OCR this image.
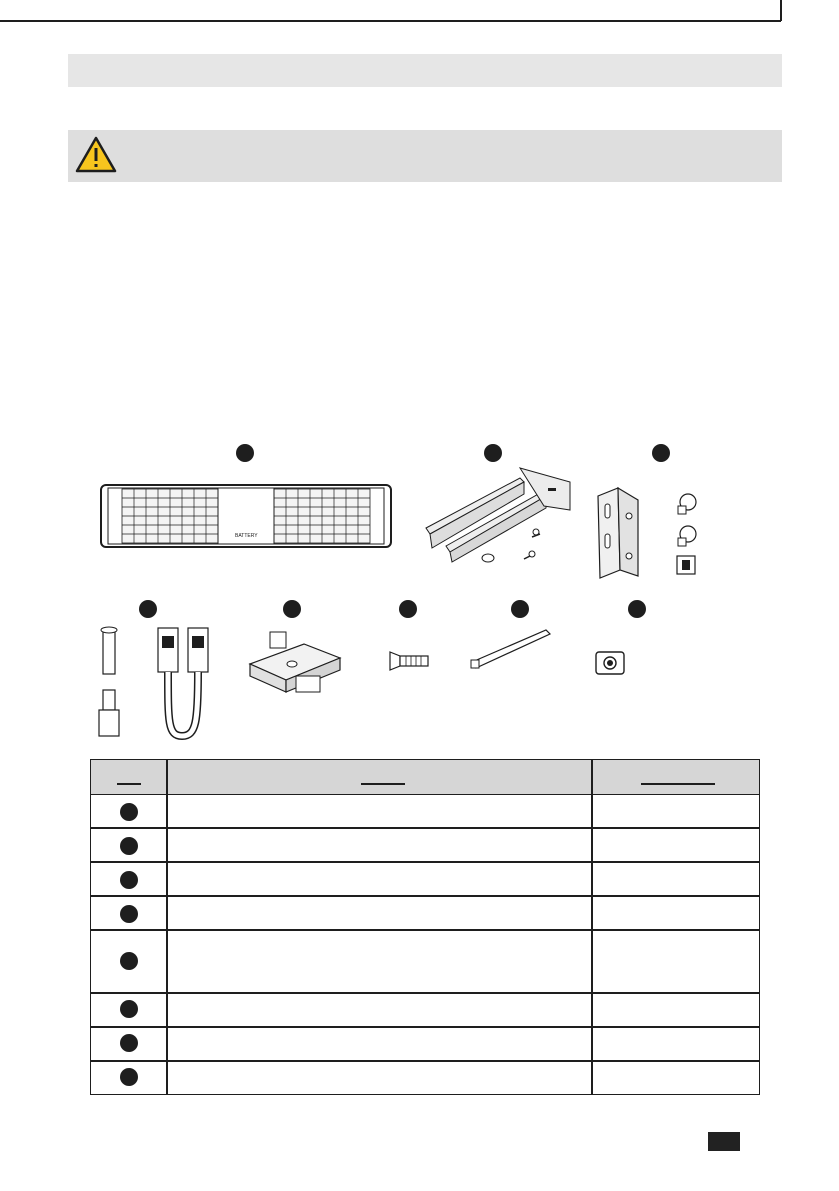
BATTERY
